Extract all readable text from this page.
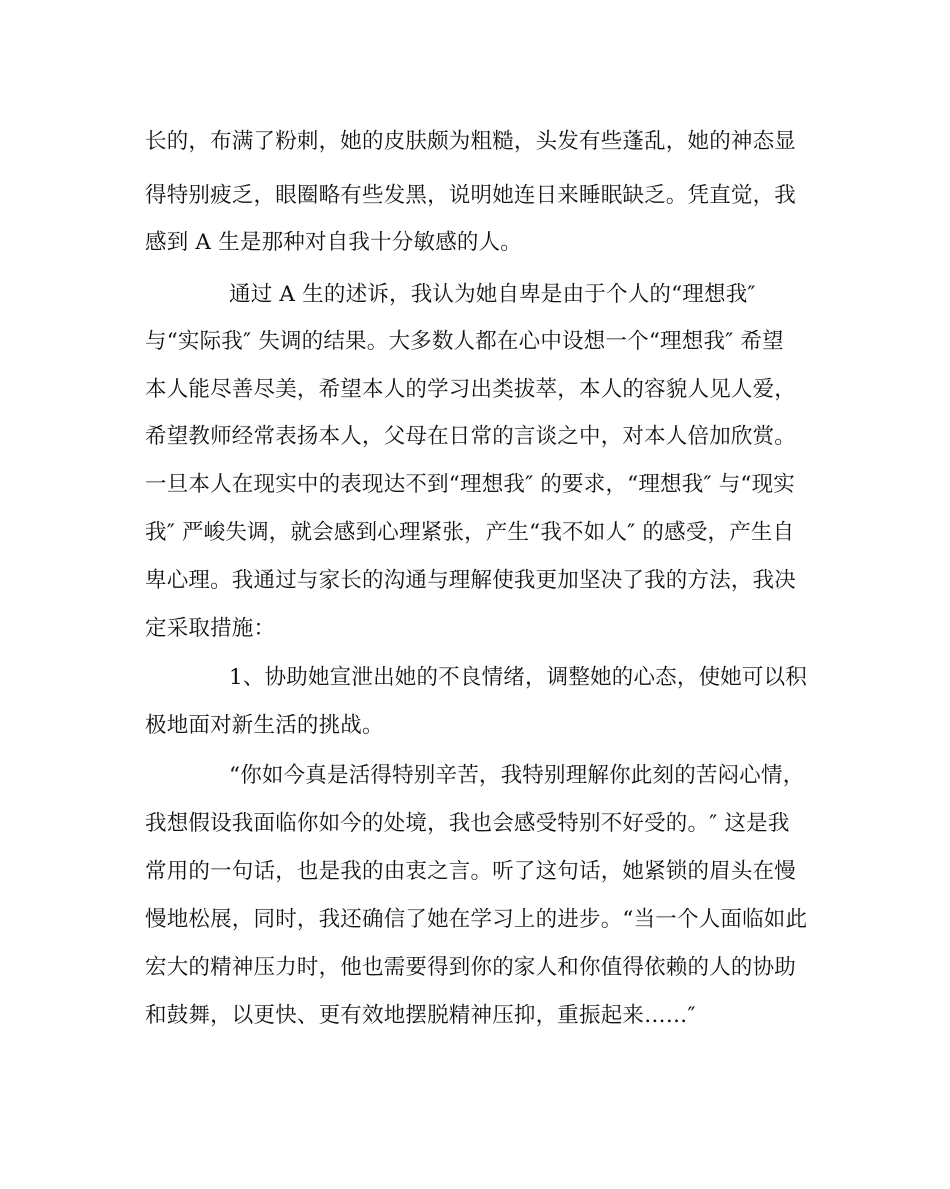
长的，布满了粉刺，她的皮肤颇为粗糙，头发有些蓬乱，她的神态显
得特别疲乏，眼圈略有些发黑，说明她连日来睡眠缺乏。凭直觉，我
感到 A 生是那种对自我十分敏感的人。
通过 A 生的述诉，我认为她自卑是由于个人的“理想我″
与“实际我″ 失调的结果。大多数人都在心中设想一个“理想我″ 希望
本人能尽善尽美，希望本人的学习出类拔萃，本人的容貌人见人爱，
希望教师经常表扬本人，父母在日常的言谈之中，对本人倍加欣赏。
一旦本人在现实中的表现达不到“理想我″ 的要求，“理想我″ 与“现实
我″ 严峻失调，就会感到心理紧张，产生“我不如人″ 的感受，产生自
卑心理。我通过与家长的沟通与理解使我更加坚决了我的方法，我决
定采取措施：
1、协助她宣泄出她的不良情绪，调整她的心态，使她可以积
极地面对新生活的挑战。
“你如今真是活得特别辛苦，我特别理解你此刻的苦闷心情，
我想假设我面临你如今的处境，我也会感受特别不好受的。″ 这是我
常用的一句话，也是我的由衷之言。听了这句话，她紧锁的眉头在慢
慢地松展，同时，我还确信了她在学习上的进步。“当一个人面临如此
宏大的精神压力时，他也需要得到你的家人和你值得依赖的人的协助
和鼓舞，以更快、更有效地摆脱精神压抑，重振起来……″
